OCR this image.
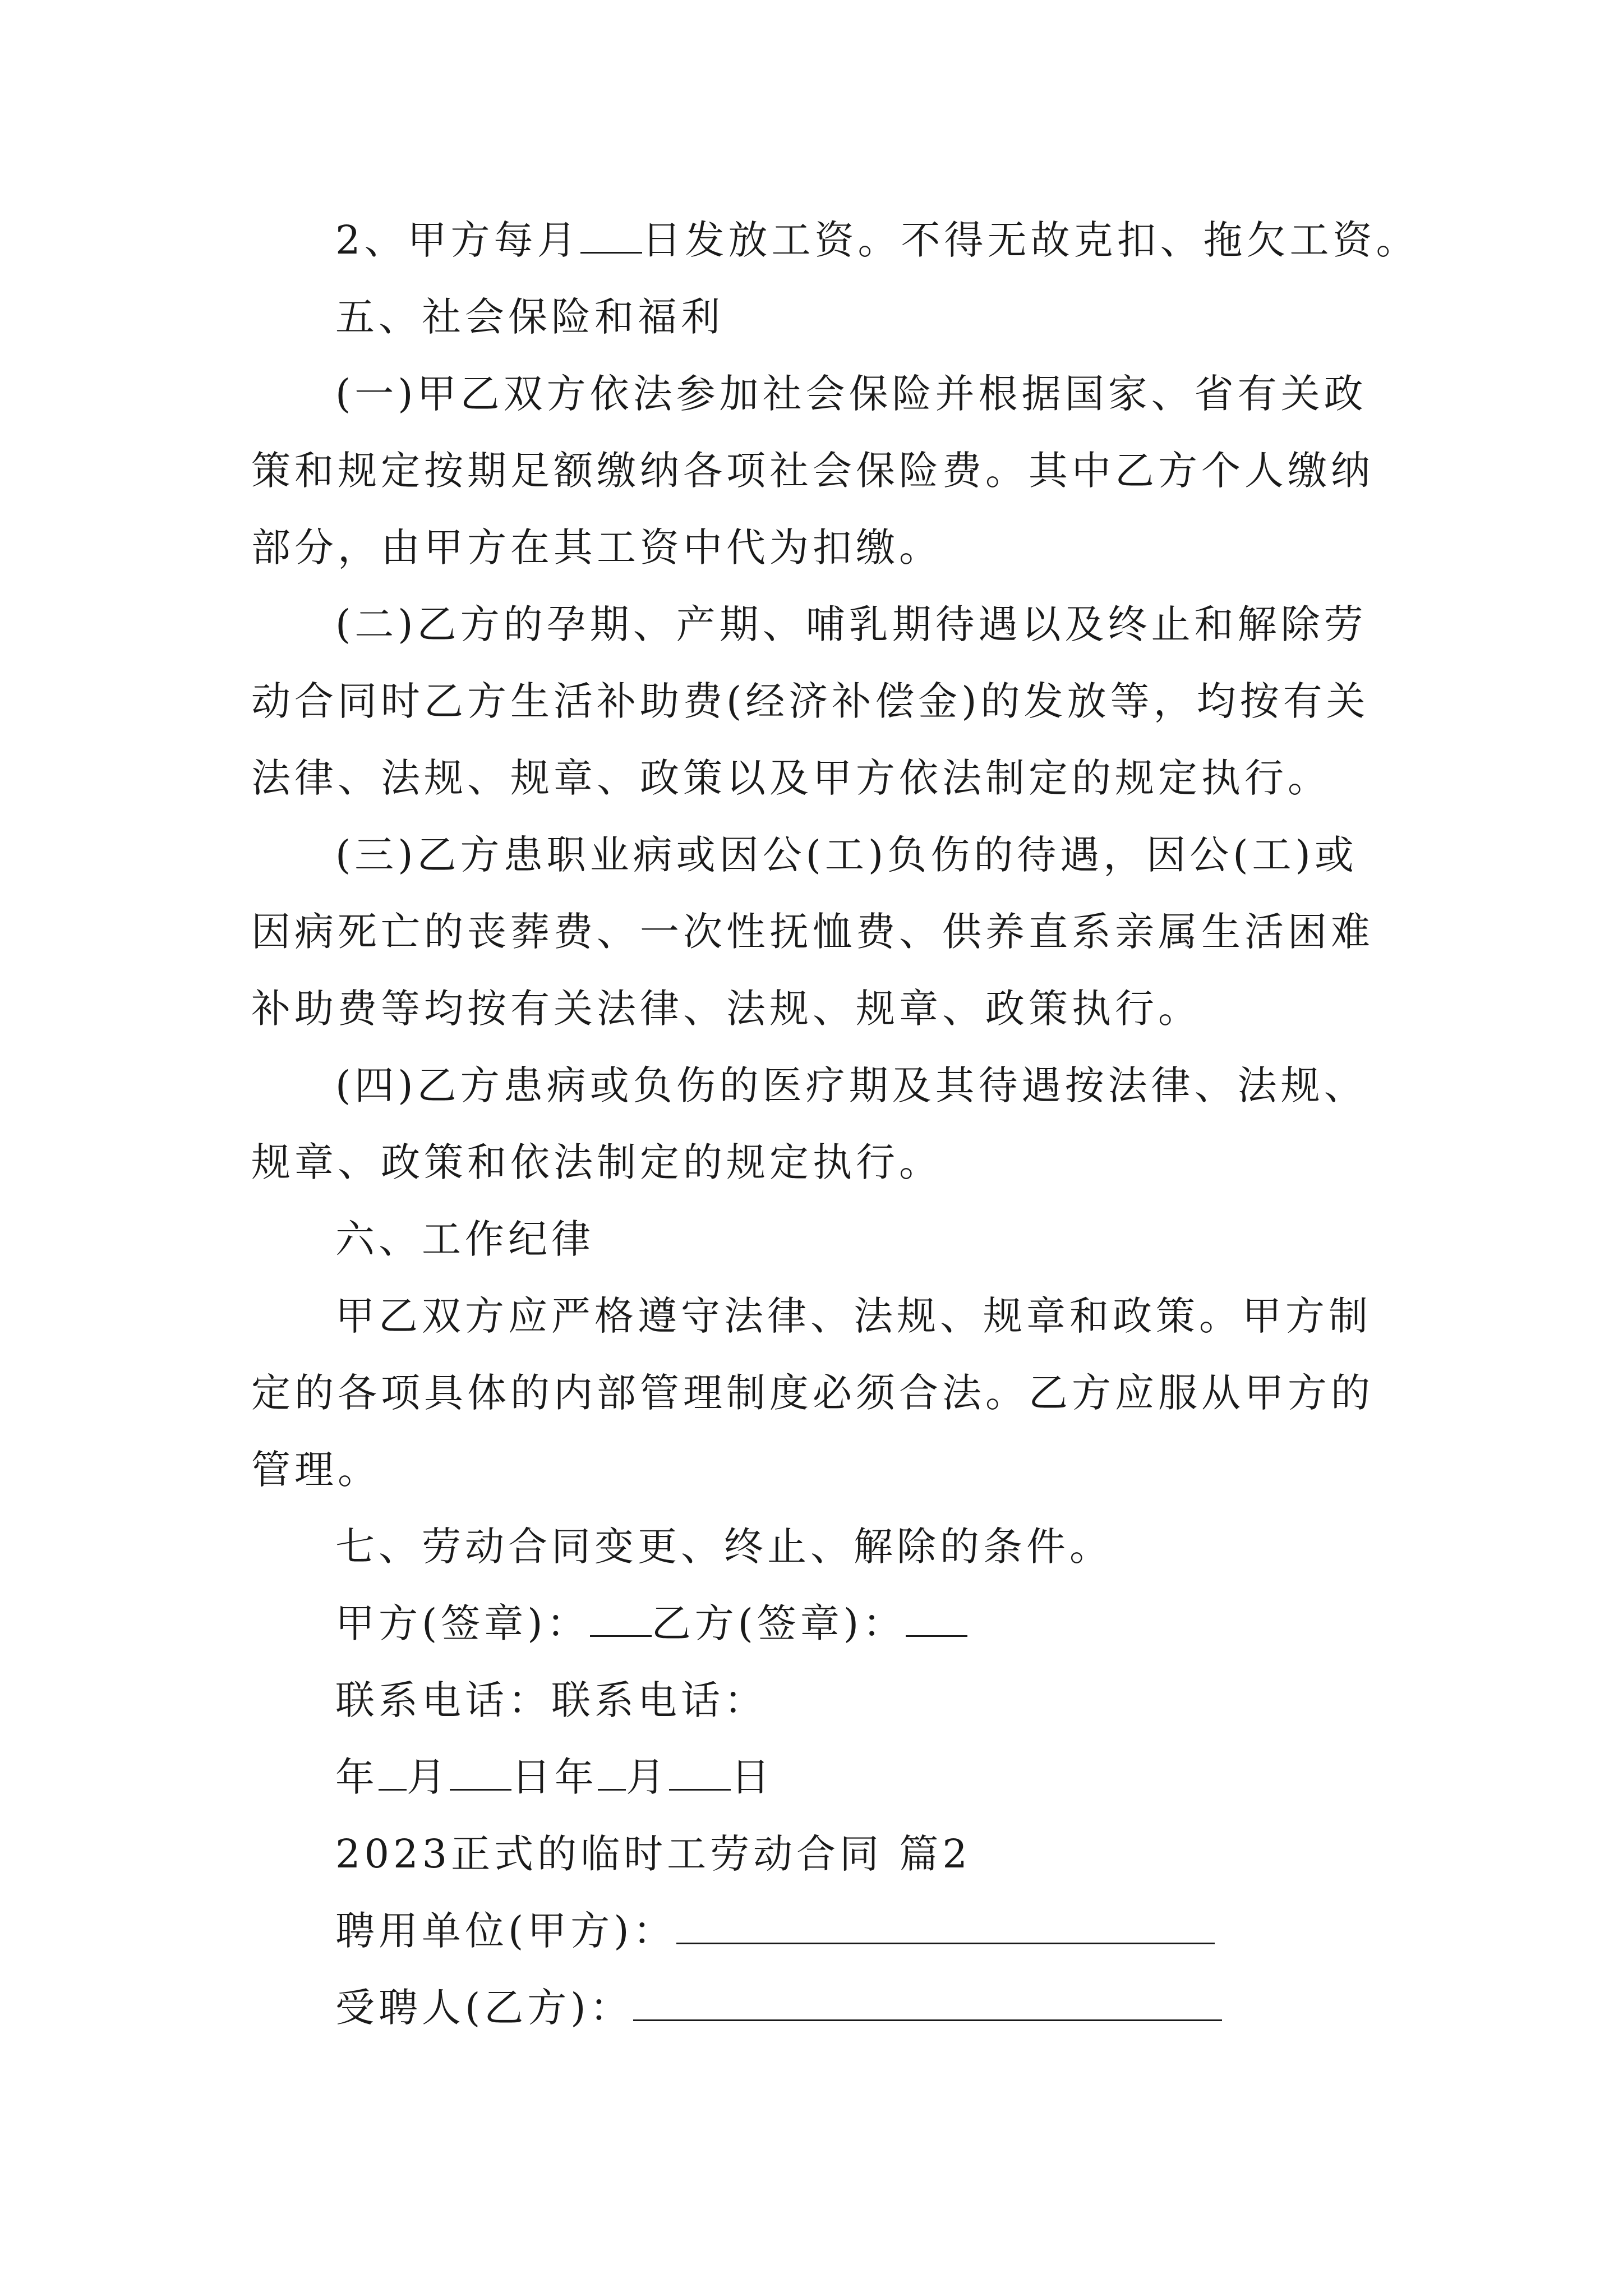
2、甲方每月 日发放工资。不得无故克扣、拖欠工资。
五、社会保险和福利
(一)甲乙双方依法参加社会保险并根据国家、省有关政
策和规定按期足额缴纳各项社会保险费。其中乙方个人缴纳
部分，由甲方在其工资中代为扣缴。
(二)乙方的孕期、产期、哺乳期待遇以及终止和解除劳
动合同时乙方生活补助费(经济补偿金)的发放等，均按有关
法律、法规、规章、政策以及甲方依法制定的规定执行。
(三)乙方患职业病或因公(工)负伤的待遇，因公(工)或
因病死亡的丧葬费、一次性抚恤费、供养直系亲属生活困难
补助费等均按有关法律、法规、规章、政策执行。
(四)乙方患病或负伤的医疗期及其待遇按法律、法规、
规章、政策和依法制定的规定执行。
六、工作纪律
甲乙双方应严格遵守法律、法规、规章和政策。甲方制
定的各项具体的内部管理制度必须合法。乙方应服从甲方的
管理。
七、劳动合同变更、终止、解除的条件。
甲方(签章)： 乙方(签章)：
联系电话：联系电话：
年 月 日年 月 日
2023正式的临时工劳动合同 篇2
聘用单位(甲方)：
受聘人(乙方)：
